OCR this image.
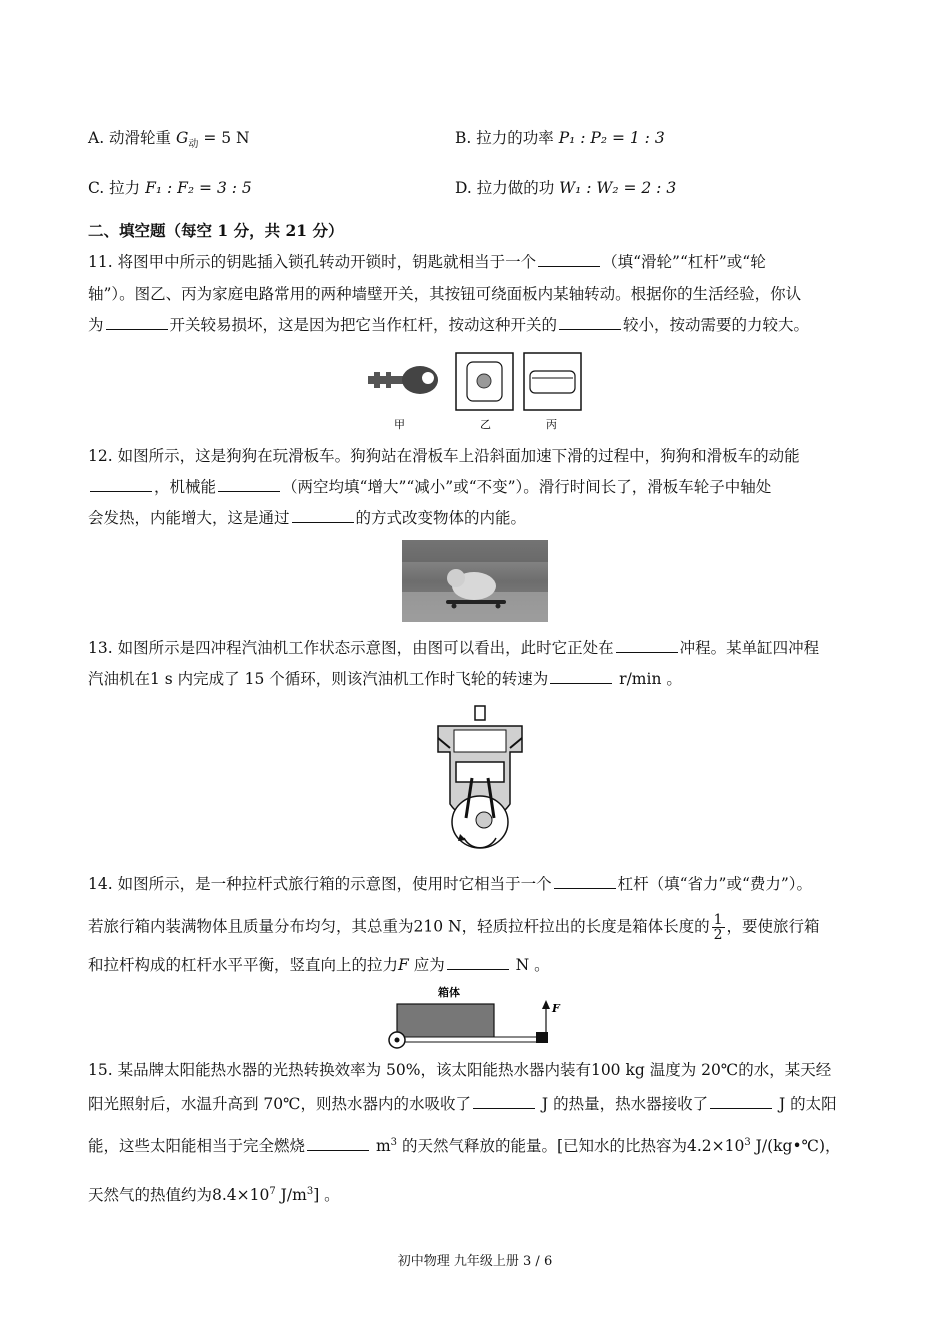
A. 动滑轮重 $G_动 = 5$ N	B. 拉力的功率 P₁ : P₂ = 1 : 3
C. 拉力 F₁ : F₂ = 3 : 5	D. 拉力做的功 W₁ : W₂ = 2 : 3
二、填空题（每空 1 分，共 21 分）
11. 将图甲中所示的钥匙插入锁孔转动开锁时，钥匙就相当于一个	（填“滑轮”“杠杆”或“轮
轴”）。图乙、丙为家庭电路常用的两种墙壁开关，其按钮可绕面板内某轴转动。根据你的生活经验，你认
为	开关较易损坏，这是因为把它当作杠杆，按动这种开关的	较小，按动需要的力较大。
甲	乙	丙
12. 如图所示，这是狗狗在玩滑板车。狗狗站在滑板车上沿斜面加速下滑的过程中，狗狗和滑板车的动能
，机械能	（两空均填“增大”“减小”或“不变”）。滑行时间长了，滑板车轮子中轴处
会发热，内能增大，这是通过	的方式改变物体的内能。
13. 如图所示是四冲程汽油机工作状态示意图，由图可以看出，此时它正处在	冲程。某单缸四冲程
汽油机在1 s 内完成了 15 个循环，则该汽油机工作时飞轮的转速为	r/min 。
14. 如图所示，是一种拉杆式旅行箱的示意图，使用时它相当于一个	杠杆（填“省力”或“费力”）。
若旅行箱内装满物体且质量分布均匀，其总重为210 N，轻质拉杆拉出的长度是箱体长度的 $\frac{1}{2}$ ，要使旅行箱
和拉杆构成的杠杆水平平衡，竖直向上的拉力F 应为	N 。
箱体
F
15. 某品牌太阳能热水器的光热转换效率为 50%，该太阳能热水器内装有100 kg 温度为 20℃的水，某天经
阳光照射后，水温升高到 70℃，则热水器内的水吸收了	J 的热量，热水器接收了	J 的太阳
能，这些太阳能相当于完全燃烧	$m^3$ 的天然气释放的能量。[已知水的比热容为$4.2\times 10^3$ J/(kg•℃)，
天然气的热值约为$8.4\times 10^7$ $J/m^3$] 。
初中物理 九年级上册 3 / 6
